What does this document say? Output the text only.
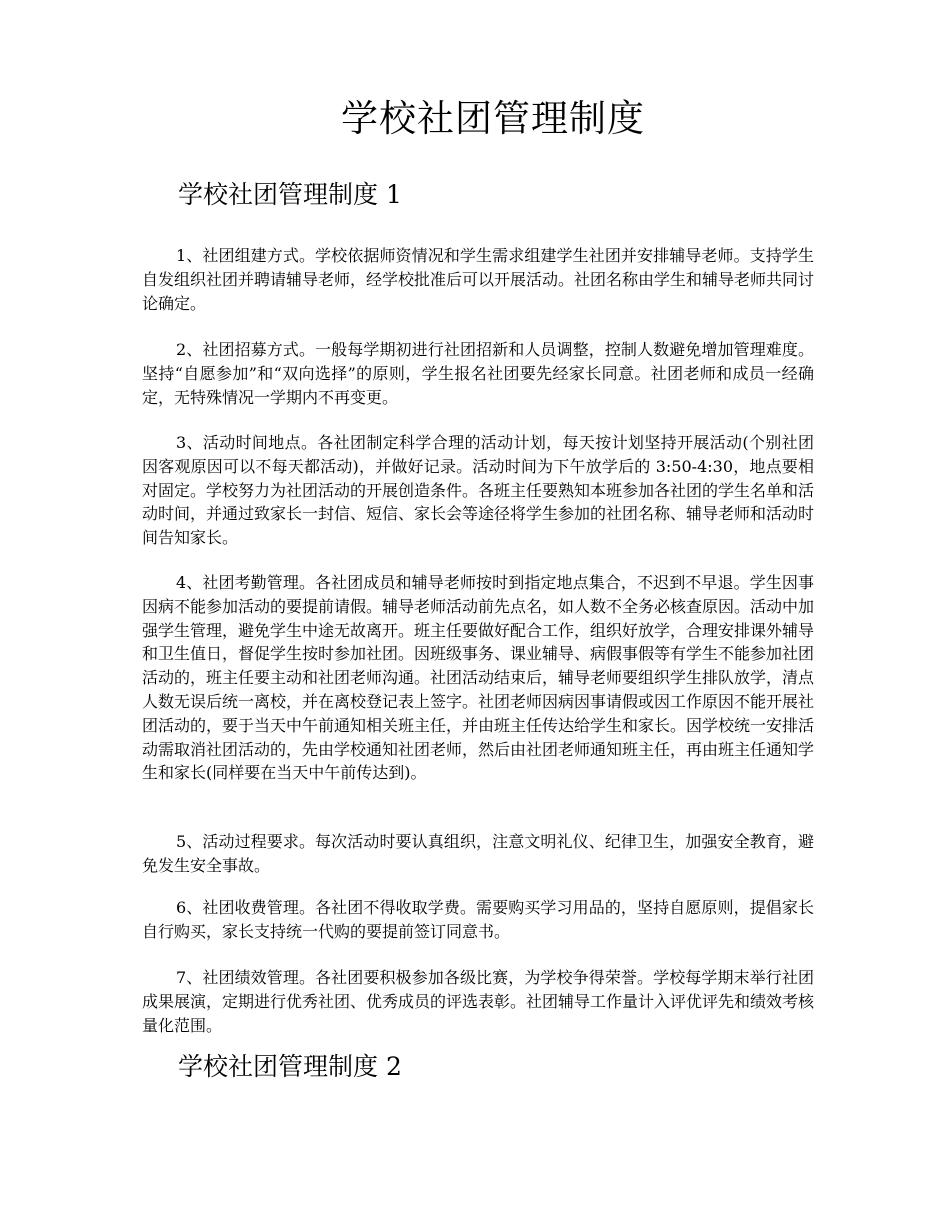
学校社团管理制度
学校社团管理制度 1

1、社团组建方式。学校依据师资情况和学生需求组建学生社团并安排辅导老师。支持学生自发组织社团并聘请辅导老师，经学校批准后可以开展活动。社团名称由学生和辅导老师共同讨论确定。

2、社团招募方式。一般每学期初进行社团招新和人员调整，控制人数避免增加管理难度。坚持“自愿参加”和“双向选择”的原则，学生报名社团要先经家长同意。社团老师和成员一经确定，无特殊情况一学期内不再变更。

3、活动时间地点。各社团制定科学合理的活动计划，每天按计划坚持开展活动(个别社团因客观原因可以不每天都活动)，并做好记录。活动时间为下午放学后的 3:50-4:30，地点要相对固定。学校努力为社团活动的开展创造条件。各班主任要熟知本班参加各社团的学生名单和活动时间，并通过致家长一封信、短信、家长会等途径将学生参加的社团名称、辅导老师和活动时间告知家长。

4、社团考勤管理。各社团成员和辅导老师按时到指定地点集合，不迟到不早退。学生因事因病不能参加活动的要提前请假。辅导老师活动前先点名，如人数不全务必核查原因。活动中加强学生管理，避免学生中途无故离开。班主任要做好配合工作，组织好放学，合理安排课外辅导和卫生值日，督促学生按时参加社团。因班级事务、课业辅导、病假事假等有学生不能参加社团活动的，班主任要主动和社团老师沟通。社团活动结束后，辅导老师要组织学生排队放学，清点人数无误后统一离校，并在离校登记表上签字。社团老师因病因事请假或因工作原因不能开展社团活动的，要于当天中午前通知相关班主任，并由班主任传达给学生和家长。因学校统一安排活动需取消社团活动的，先由学校通知社团老师，然后由社团老师通知班主任，再由班主任通知学生和家长(同样要在当天中午前传达到)。

5、活动过程要求。每次活动时要认真组织，注意文明礼仪、纪律卫生，加强安全教育，避免发生安全事故。

6、社团收费管理。各社团不得收取学费。需要购买学习用品的，坚持自愿原则，提倡家长自行购买，家长支持统一代购的要提前签订同意书。

7、社团绩效管理。各社团要积极参加各级比赛，为学校争得荣誉。学校每学期末举行社团成果展演，定期进行优秀社团、优秀成员的评选表彰。社团辅导工作量计入评优评先和绩效考核量化范围。

学校社团管理制度 2
